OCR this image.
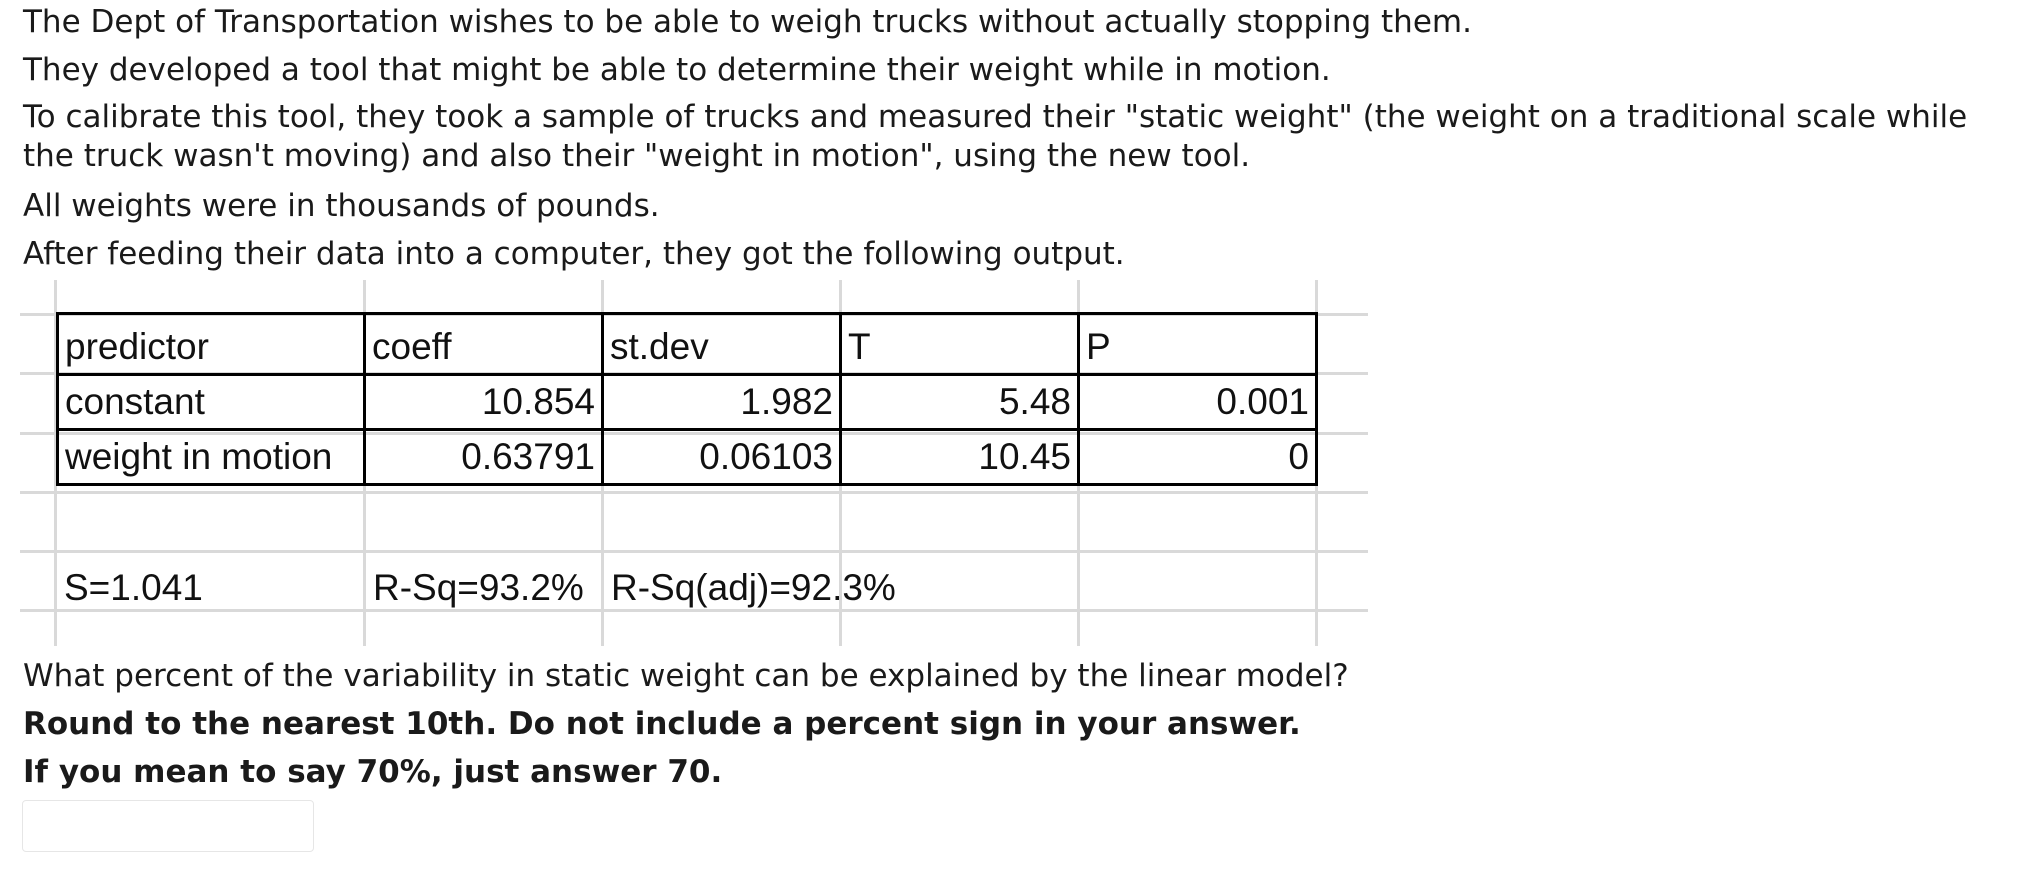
The Dept of Transportation wishes to be able to weigh trucks without actually stopping them.

They developed a tool that might be able to determine their weight while in motion.

To calibrate this tool, they took a sample of trucks and measured their "static weight" (the weight on a traditional scale while the truck wasn't moving) and also their "weight in motion", using the new tool.

All weights were in thousands of pounds.

After feeding their data into a computer, they got the following output.

predictor	coeff	st.dev	T	P
constant	10.854	1.982	5.48	0.001
weight in motion	0.63791	0.06103	10.45	0
S=1.041	R-Sq=93.2% R-Sq(adj)=92.3%

What percent of the variability in static weight can be explained by the linear model?

Round to the nearest 10th. Do not include a percent sign in your answer.

If you mean to say 70%, just answer 70.
